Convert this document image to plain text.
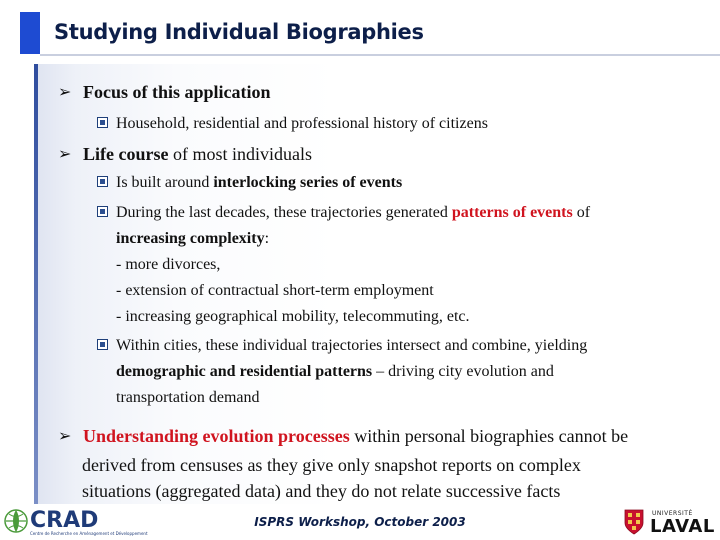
Studying Individual Biographies
➢ Focus of this application
Household, residential and professional history of citizens
➢ Life course of most individuals
Is built around interlocking series of events
During the last decades, these trajectories generated patterns of events of
increasing complexity:
- more divorces,
- extension of contractual short-term employment
- increasing geographical mobility, telecommuting, etc.
Within cities, these individual trajectories intersect and combine, yielding
demographic and residential patterns – driving city evolution and
transportation demand
➢ Understanding evolution processes within personal biographies cannot be
derived from censuses as they give only snapshot reports on complex
situations (aggregated data) and they do not relate successive facts
CRAD
Centre de Recherche en Aménagement et Développement
ISPRS Workshop, October 2003
UNIVERSITÉ
LAVAL
